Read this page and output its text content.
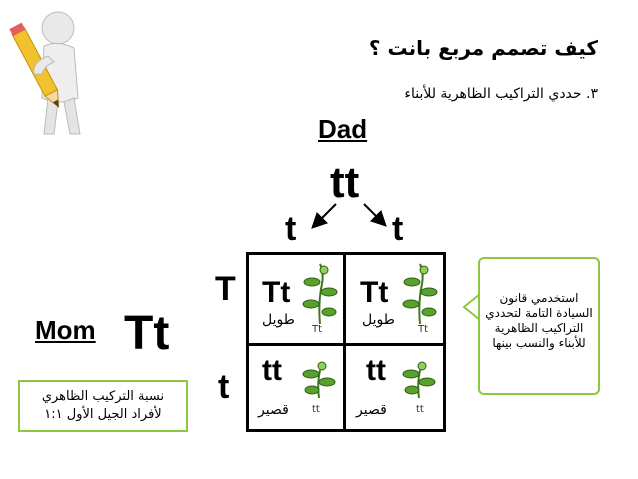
كيف تصمم مربع بانت ؟
٣. حددي التراكيب الظاهرية للأبناء
Dad
tt
t	t
T
t
Mom Tt
Tt
طويل
Tt
Tt
طويل
Tt
tt
قصير tt
tt
قصير	tt
استخدمي قانون السيادة التامة لتحددي التراكيب الظاهرية للأبناء والنسب بينها
نسبة التركيب الظاهري
لأفراد الجيل الأول ١:١
